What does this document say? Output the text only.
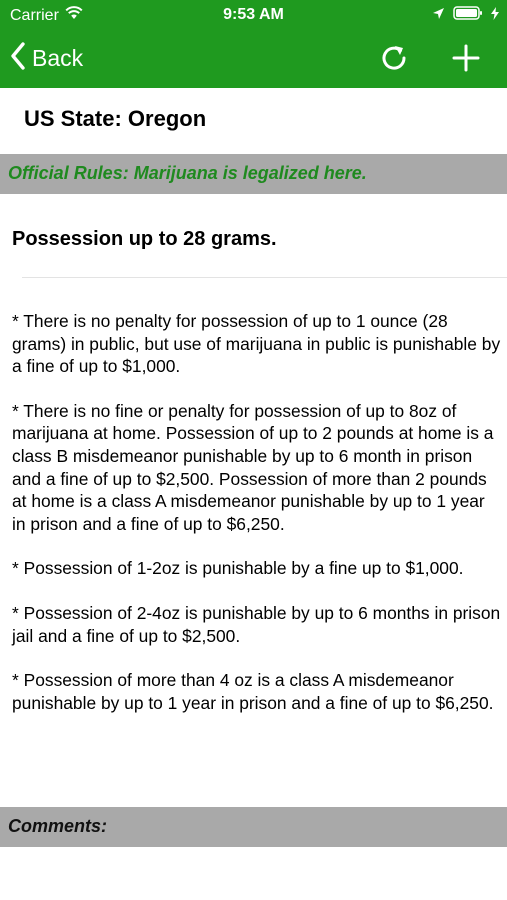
Carrier	9:53 AM
Back
US State: Oregon
Official Rules: Marijuana is legalized here.
Possession up to 28 grams.

* There is no penalty for possession of up to 1 ounce (28 grams) in public, but use of marijuana in public is punishable by a fine of up to $1,000.

* There is no fine or penalty for possession of up to 8oz of marijuana at home. Possession of up to 2 pounds at home is a class B misdemeanor punishable by up to 6 month in prison and a fine of up to $2,500. Possession of more than 2 pounds at home is a class A misdemeanor punishable by up to 1 year in prison and a fine of up to $6,250.

* Possession of 1-2oz is punishable by a fine up to $1,000.

* Possession of 2-4oz is punishable by up to 6 months in prison jail and a fine of up to $2,500.

* Possession of more than 4 oz is a class A misdemeanor punishable by up to 1 year in prison and a fine of up to $6,250.

Comments:
